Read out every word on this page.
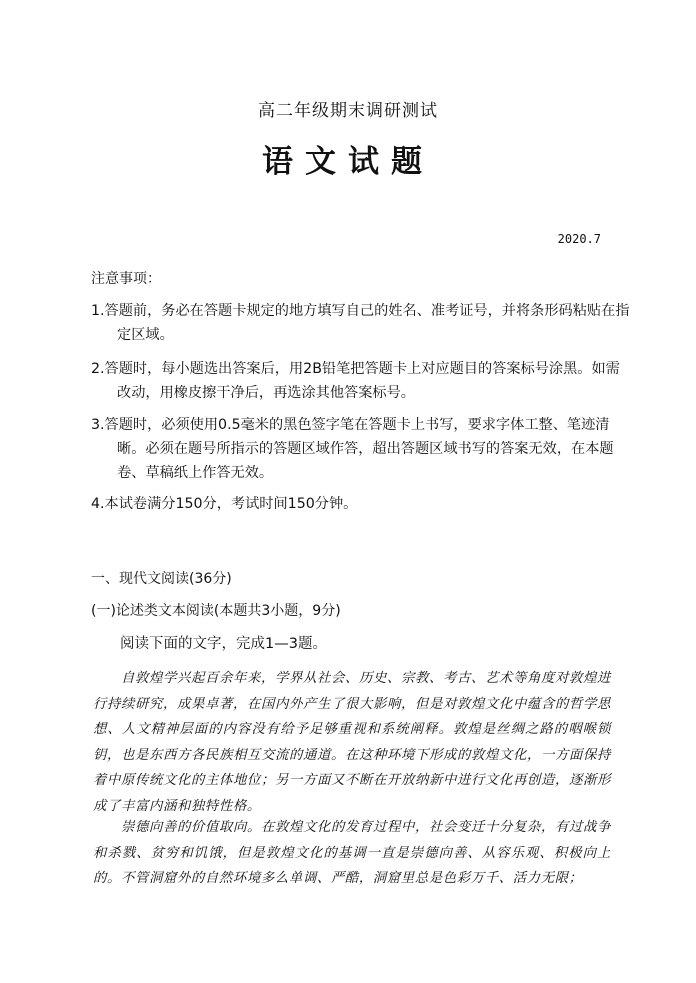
高二年级期末调研测试
语文试题
2020.7
注意事项：
1.答题前，务必在答题卡规定的地方填写自己的姓名、准考证号，并将条形码粘贴在指定区域。
2.答题时，每小题选出答案后，用2B铅笔把答题卡上对应题目的答案标号涂黑。如需改动，用橡皮擦干净后，再选涂其他答案标号。
3.答题时，必须使用0.5毫米的黑色签字笔在答题卡上书写，要求字体工整、笔迹清晰。必须在题号所指示的答题区域作答，超出答题区域书写的答案无效，在本题卷、草稿纸上作答无效。
4.本试卷满分150分，考试时间150分钟。
一、现代文阅读(36分)
(一)论述类文本阅读(本题共3小题，9分)
阅读下面的文字，完成1—3题。
自敦煌学兴起百余年来，学界从社会、历史、宗教、考古、艺术等角度对敦煌进行持续研究，成果卓著，在国内外产生了很大影响，但是对敦煌文化中蕴含的哲学思想、人文精神层面的内容没有给予足够重视和系统阐释。敦煌是丝绸之路的咽喉锁钥，也是东西方各民族相互交流的通道。在这种环境下形成的敦煌文化，一方面保持着中原传统文化的主体地位；另一方面又不断在开放纳新中进行文化再创造，逐渐形成了丰富内涵和独特性格。
崇德向善的价值取向。在敦煌文化的发育过程中，社会变迁十分复杂，有过战争和杀戮、贫穷和饥饿，但是敦煌文化的基调一直是崇德向善、从容乐观、积极向上的。不管洞窟外的自然环境多么单调、严酷，洞窟里总是色彩万千、活力无限；
